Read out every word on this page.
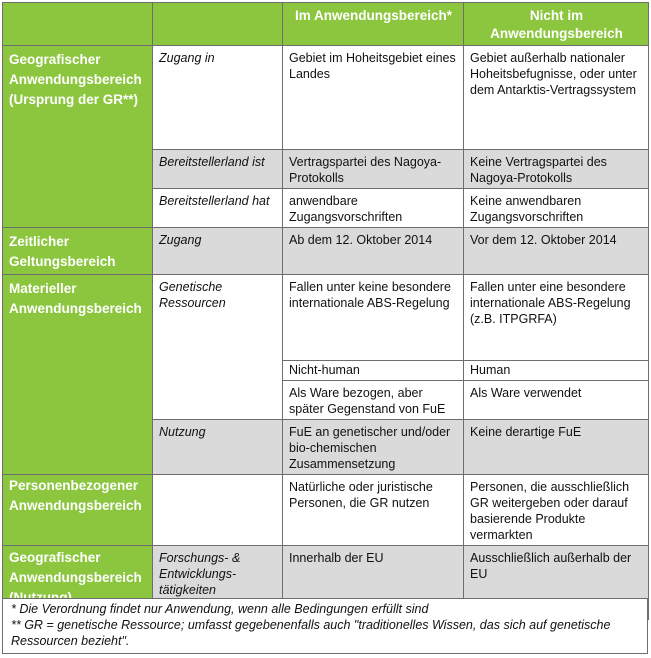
		Im Anwendungsbereich*	Nicht im Anwendungsbereich
Geografischer Anwendungsbereich (Ursprung der GR**)	Zugang in	Gebiet im Hoheitsgebiet eines Landes	Gebiet außerhalb nationaler Hoheitsbefugnisse, oder unter dem Antarktis-Vertragssystem
	Bereitstellerland ist	Vertragspartei des Nagoya-Protokolls	Keine Vertragspartei des Nagoya-Protokolls
	Bereitstellerland hat	anwendbare Zugangsvorschriften	Keine anwendbaren Zugangsvorschriften
Zeitlicher Geltungsbereich	Zugang	Ab dem 12. Oktober 2014	Vor dem 12. Oktober 2014
Materieller Anwendungsbereich	Genetische Ressourcen	Fallen unter keine besondere internationale ABS-Regelung	Fallen unter eine besondere internationale ABS-Regelung (z.B. ITPGRFA)
		Nicht-human	Human
		Als Ware bezogen, aber später Gegenstand von FuE	Als Ware verwendet
	Nutzung	FuE an genetischer und/oder bio-chemischen Zusammensetzung	Keine derartige FuE
Personenbezogener Anwendungsbereich		Natürliche oder juristische Personen, die GR nutzen	Personen, die ausschließlich GR weitergeben oder darauf basierende Produkte vermarkten
Geografischer Anwendungsbereich	Forschungs- & Entwicklungs-tätigkeiten	Innerhalb der EU	Ausschließlich außerhalb der EU
* Die Verordnung findet nur Anwendung, wenn alle Bedingungen erfüllt sind
** GR = genetische Ressource; umfasst gegebenenfalls auch "traditionelles Wissen, das sich auf genetische Ressourcen bezieht".
